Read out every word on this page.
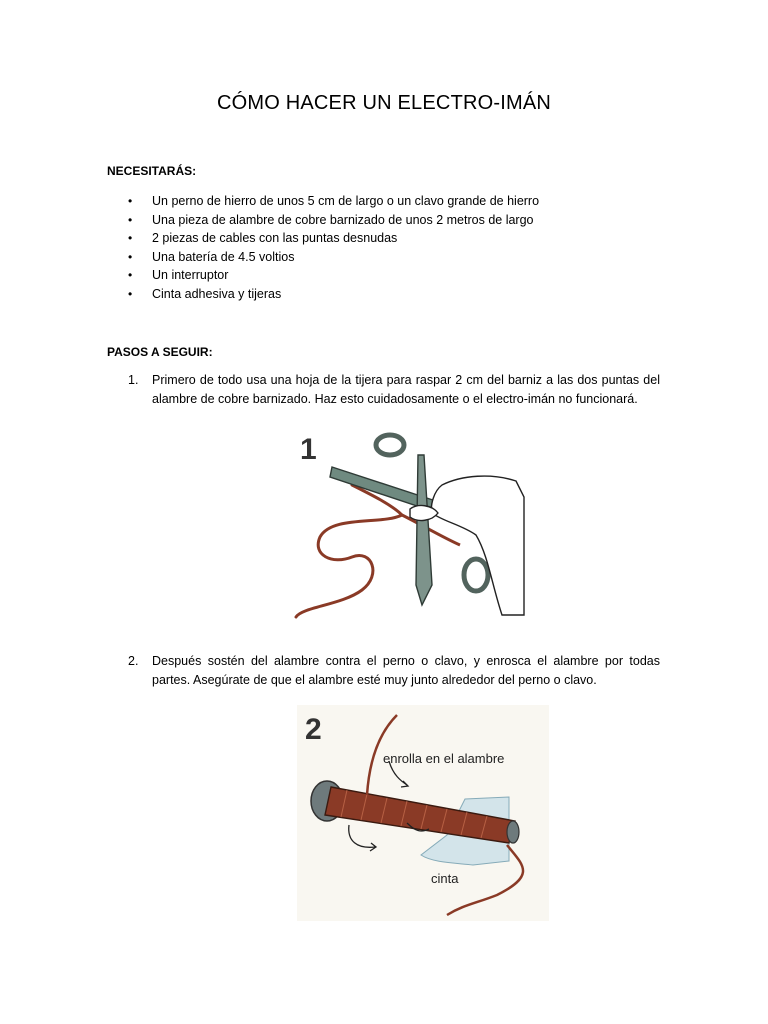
CÓMO HACER UN ELECTRO-IMÁN
NECESITARÁS:
• Un perno de hierro de unos 5 cm de largo o un clavo grande de hierro
• Una pieza de alambre de cobre barnizado de unos 2 metros de largo
• 2 piezas de cables con las puntas desnudas
• Una batería de 4.5 voltios
• Un interruptor
• Cinta adhesiva y tijeras
PASOS A SEGUIR:
1. Primero de todo usa una hoja de la tijera para raspar 2 cm del barniz a las dos puntas del alambre de cobre barnizado. Haz esto cuidadosamente o el electro-imán no funcionará.
1
2. Después sostén del alambre contra el perno o clavo, y enrosca el alambre por todas partes. Asegúrate de que el alambre esté muy junto alrededor del perno o clavo.
2
enrolla en el alambre
cinta
